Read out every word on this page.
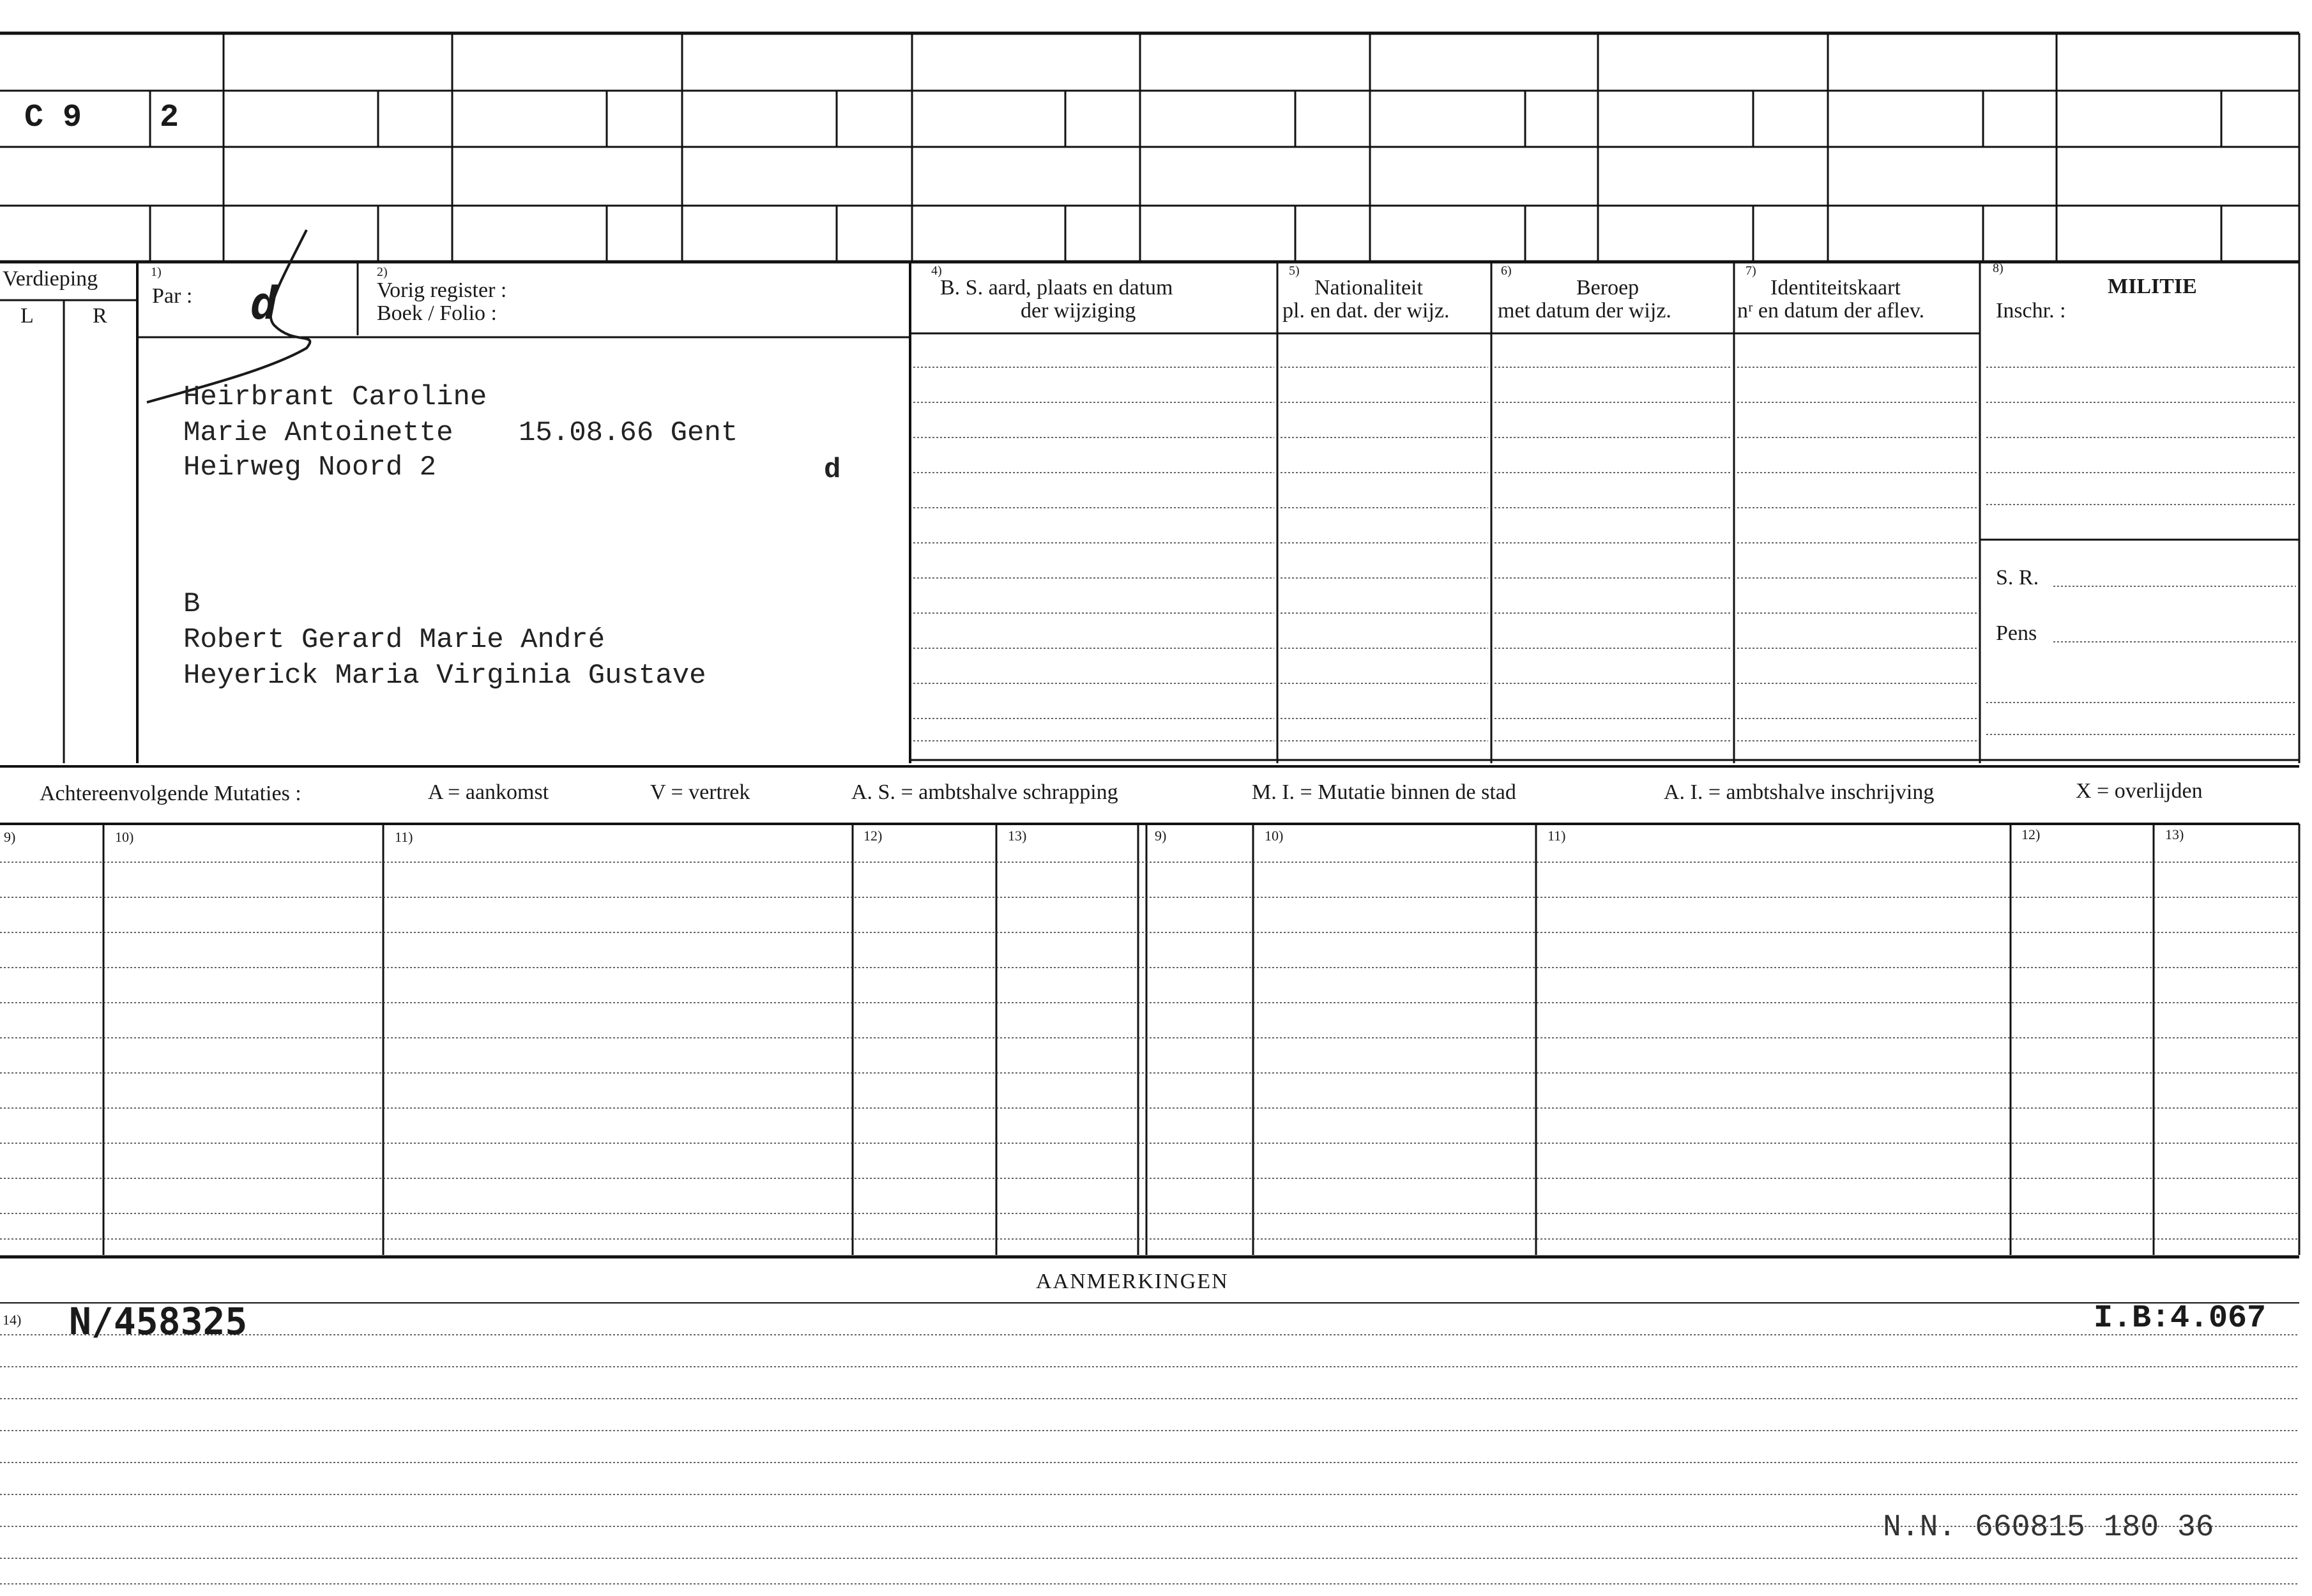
C 9 2
Verdieping
L	R
1)
Par : d
2)
Vorig register :
Boek / Folio :
4)
B. S. aard, plaats en datum
der wijziging
5)
Nationaliteit
pl. en dat. der wijz.
6)
Beroep
met datum der wijz.
7)
Identiteitskaart
nʳ en datum der aflev.
8)
MILITIE
Inschr. :
S. R.
Pens
Heirbrant Caroline
Marie Antoinette 15.08.66 Gent
Heirweg Noord 2	d
B
Robert Gerard Marie André
Heyerick Maria Virginia Gustave
Achtereenvolgende Mutaties :	A = aankomst	V = vertrek	A. S. = ambtshalve schrapping	M. I. = Mutatie binnen de stad	A. I. = ambtshalve inschrijving	X = overlijden
9)	10)	11)	12)	13)	9)	10)	11)	12)	13)
AANMERKINGEN
14) N/458325	I.B:4.067
N.N. 660815 180 36
